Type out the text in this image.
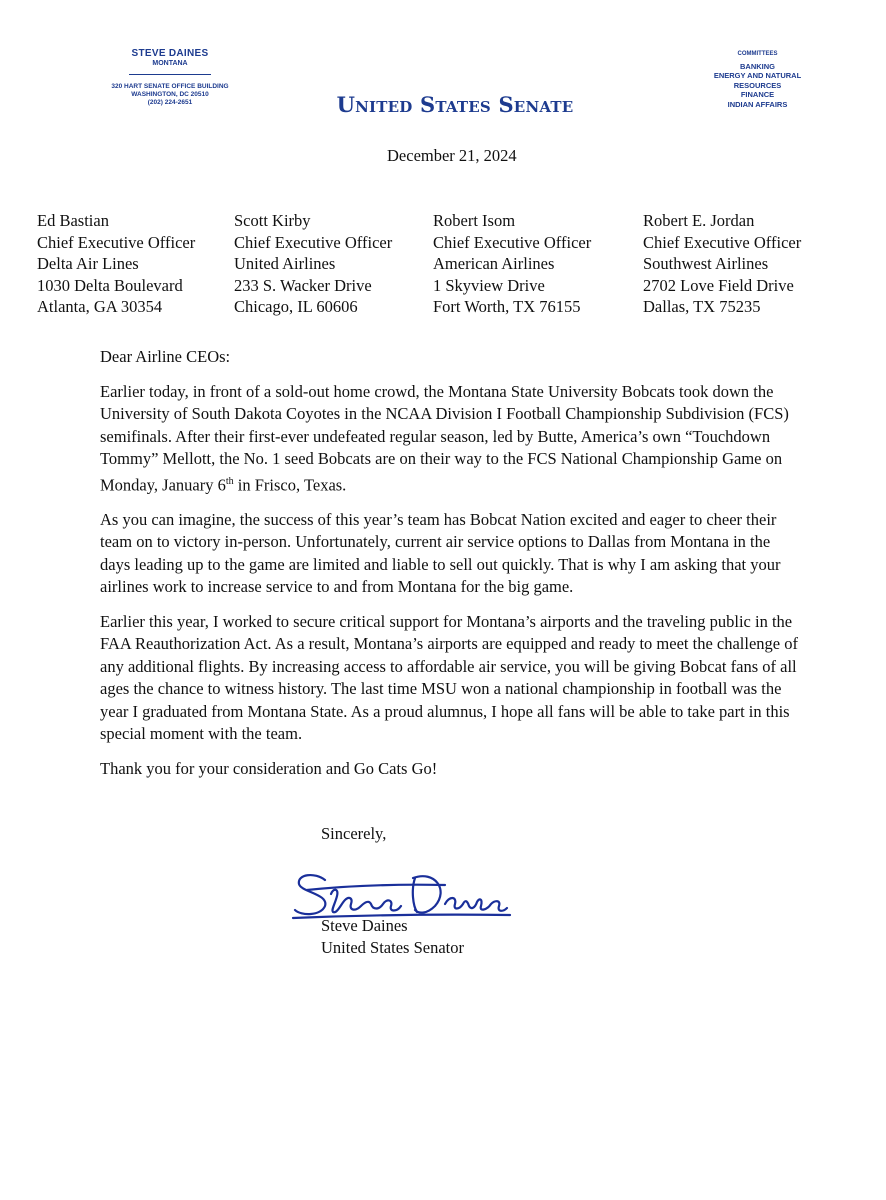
STEVE DAINES
MONTANA
320 HART SENATE OFFICE BUILDING
WASHINGTON, DC 20510
(202) 224-2651	United States Senate
COMMITTEES
BANKING
ENERGY AND NATURAL
RESOURCES
FINANCE
INDIAN AFFAIRS
December 21, 2024
Ed Bastian
Chief Executive Officer
Delta Air Lines
1030 Delta Boulevard
Atlanta, GA 30354
Scott Kirby
Chief Executive Officer
United Airlines
233 S. Wacker Drive
Chicago, IL 60606
Robert Isom
Chief Executive Officer
American Airlines
1 Skyview Drive
Fort Worth, TX 76155
Robert E. Jordan
Chief Executive Officer
Southwest Airlines
2702 Love Field Drive
Dallas, TX 75235

Dear Airline CEOs:

Earlier today, in front of a sold-out home crowd, the Montana State University Bobcats took down the University of South Dakota Coyotes in the NCAA Division I Football Championship Subdivision (FCS) semifinals. After their first-ever undefeated regular season, led by Butte, America’s own “Touchdown Tommy” Mellott, the No. 1 seed Bobcats are on their way to the FCS National Championship Game on Monday, January 6th in Frisco, Texas.

As you can imagine, the success of this year’s team has Bobcat Nation excited and eager to cheer their team on to victory in-person. Unfortunately, current air service options to Dallas from Montana in the days leading up to the game are limited and liable to sell out quickly. That is why I am asking that your airlines work to increase service to and from Montana for the big game.

Earlier this year, I worked to secure critical support for Montana’s airports and the traveling public in the FAA Reauthorization Act. As a result, Montana’s airports are equipped and ready to meet the challenge of any additional flights. By increasing access to affordable air service, you will be giving Bobcat fans of all ages the chance to witness history. The last time MSU won a national championship in football was the year I graduated from Montana State. As a proud alumnus, I hope all fans will be able to take part in this special moment with the team.

Thank you for your consideration and Go Cats Go!

Sincerely,
Steve Daines
United States Senator
